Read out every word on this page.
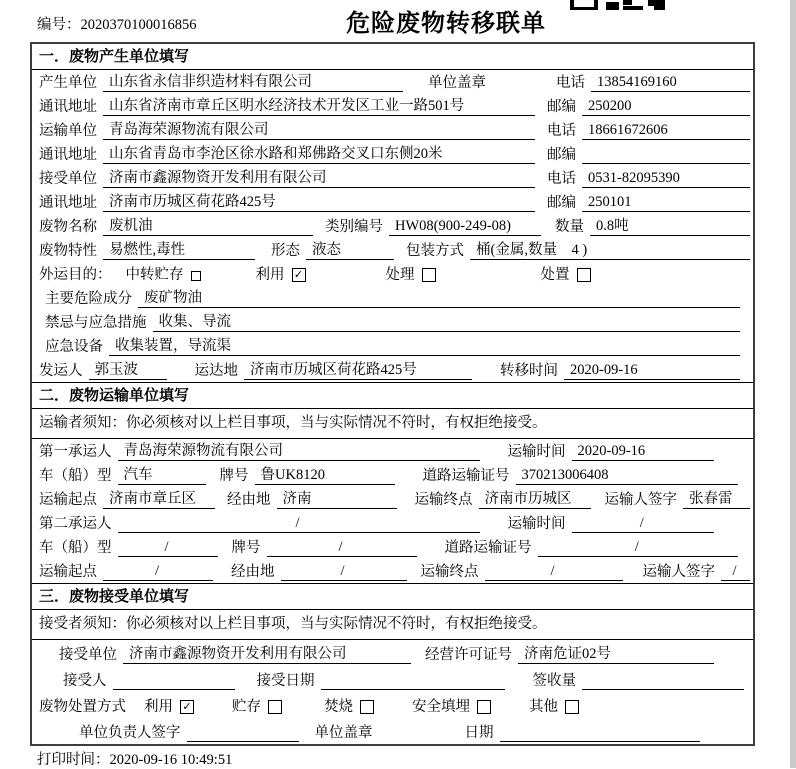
编号：2020370100016856	危险废物转移联单
一．废物产生单位填写
产生单位 山东省永信非织造材料有限公司	单位盖章	电话 13854169160
通讯地址 山东省济南市章丘区明水经济技术开发区工业一路501号	邮编 250200
运输单位 青岛海荣源物流有限公司	电话 18661672606
通讯地址 山东省青岛市李沧区徐水路和郑佛路交叉口东侧20米	邮编
接受单位 济南市鑫源物资开发利用有限公司	电话 0531-82095390
通讯地址 济南市历城区荷花路425号	邮编 250101
废物名称 废机油	类别编号 HW08(900-249-08)	数量 0.8吨
废物特性 易燃性,毒性	形态 液态	包装方式 桶(金属,数量　4 )
外运目的： 中转贮存	利用 ✓	处理	处置
主要危险成分 废矿物油
禁忌与应急措施 收集、导流
应急设备 收集装置，导流渠
发运人 郭玉波	运达地 济南市历城区荷花路425号	转移时间 2020-09-16
二．废物运输单位填写
运输者须知：你必须核对以上栏目事项，当与实际情况不符时，有权拒绝接受。
第一承运人 青岛海荣源物流有限公司	运输时间 2020-09-16
车（船）型 汽车	牌号 鲁UK8120	道路运输证号 370213006408
运输起点 济南市章丘区	经由地 济南	运输终点 济南市历城区	运输人签字 张春雷
第二承运人	/	运输时间	/
车（船）型	/	牌号	/	道路运输证号	/
运输起点	/	经由地	/	运输终点	/	运输人签字	/
三．废物接受单位填写
接受者须知：你必须核对以上栏目事项，当与实际情况不符时，有权拒绝接受。
接受单位 济南市鑫源物资开发利用有限公司	经营许可证号 济南危证02号
接受人	接受日期	签收量
废物处置方式 利用 ✓	贮存	焚烧	安全填埋	其他
单位负责人签字	单位盖章	日期
打印时间：2020-09-16 10:49:51
